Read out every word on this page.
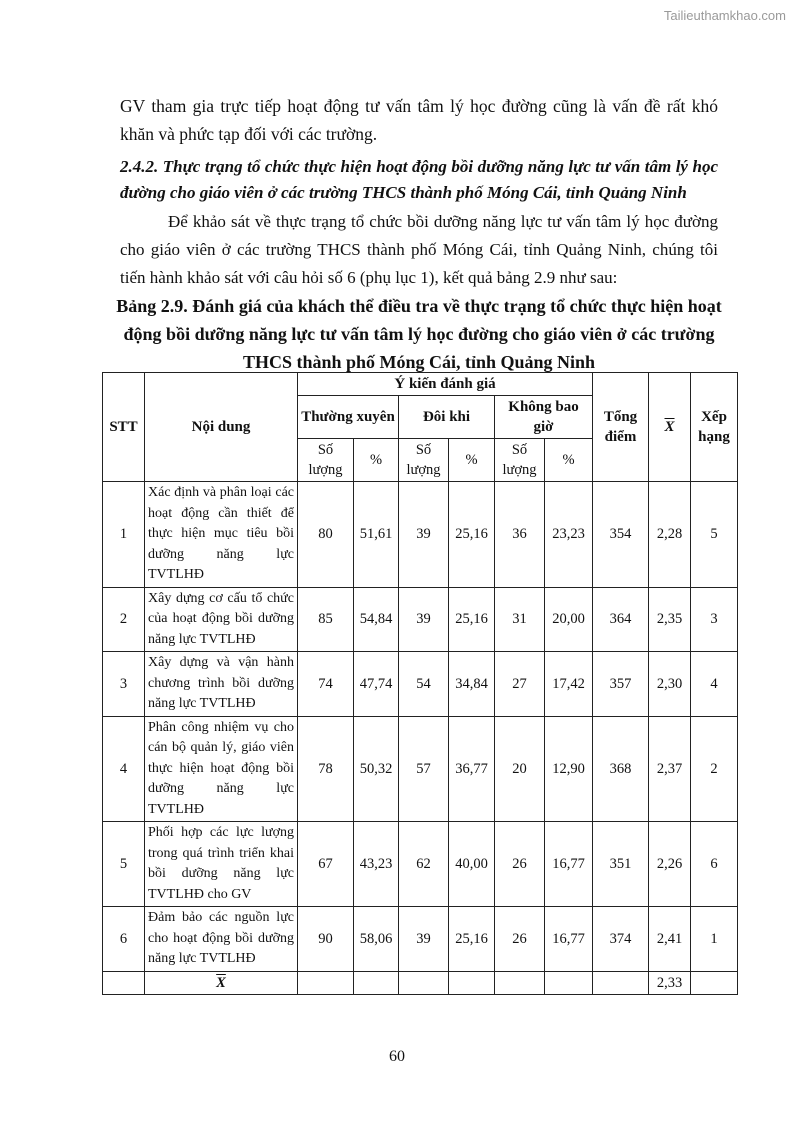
Tailieuthamkhao.com

GV tham gia trực tiếp hoạt động tư vấn tâm lý học đường cũng là vấn đề rất khó khăn và phức tạp đối với các trường.

2.4.2. Thực trạng tổ chức thực hiện hoạt động bồi dưỡng năng lực tư vấn tâm lý học đường cho giáo viên ở các trường THCS thành phố Móng Cái, tỉnh Quảng Ninh

Để khảo sát về thực trạng tổ chức bồi dưỡng năng lực tư vấn tâm lý học đường cho giáo viên ở các trường THCS thành phố Móng Cái, tỉnh Quảng Ninh, chúng tôi tiến hành khảo sát với câu hỏi số 6 (phụ lục 1), kết quả bảng 2.9 như sau:

Bảng 2.9. Đánh giá của khách thể điều tra về thực trạng tổ chức thực hiện hoạt động bồi dưỡng năng lực tư vấn tâm lý học đường cho giáo viên ở các trường THCS thành phố Móng Cái, tỉnh Quảng Ninh
STT	Nội dung	Ý kiến đánh giá						Tổng điểm	$\overline{X}$	Xếp hạng
		Thường xuyên		Đôi khi		Không bao giờ				
		Số lượng	%	Số lượng	%	Số lượng	%			
1	Xác định và phân loại các hoạt động cần thiết để thực hiện mục tiêu bồi dưỡng năng lực TVTLHĐ	80	51,61	39	25,16	36	23,23	354	2,28	5
2	Xây dựng cơ cấu tổ chức của hoạt động bồi dưỡng năng lực TVTLHĐ	85	54,84	39	25,16	31	20,00	364	2,35	3
3	Xây dựng và vận hành chương trình bồi dưỡng năng lực TVTLHĐ	74	47,74	54	34,84	27	17,42	357	2,30	4
4	Phân công nhiệm vụ cho cán bộ quản lý, giáo viên thực hiện hoạt động bồi dưỡng năng lực TVTLHĐ	78	50,32	57	36,77	20	12,90	368	2,37	2
5	Phối hợp các lực lượng trong quá trình triển khai bồi dưỡng năng lực TVTLHĐ cho GV	67	43,23	62	40,00	26	16,77	351	2,26	6
6	Đảm bảo các nguồn lực cho hoạt động bồi dưỡng năng lực TVTLHĐ	90	58,06	39	25,16	26	16,77	374	2,41	1
	$\overline{X}$								2,33	
60
